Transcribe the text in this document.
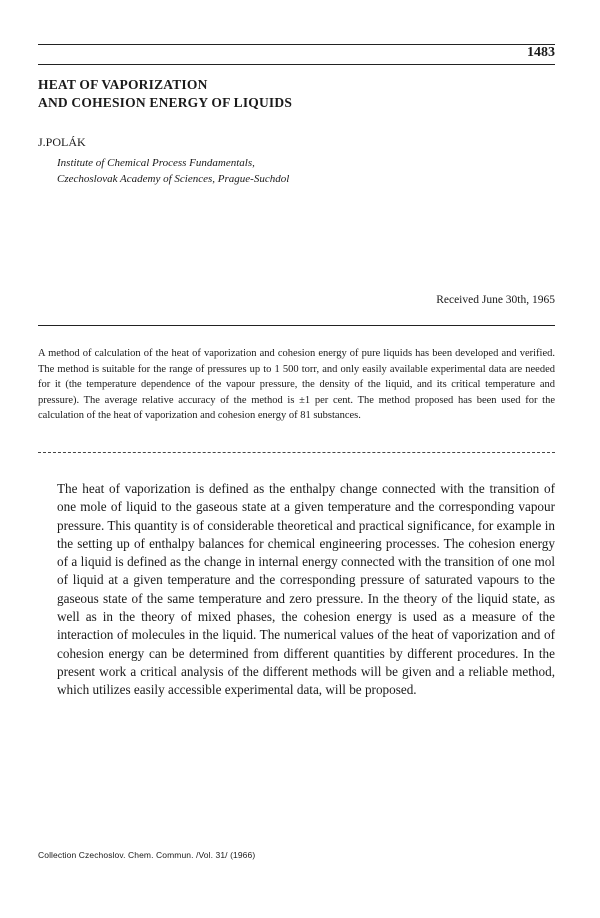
1483
HEAT OF VAPORIZATION
AND COHESION ENERGY OF LIQUIDS
J.POLÁK
Institute of Chemical Process Fundamentals,
Czechoslovak Academy of Sciences, Prague-Suchdol
Received June 30th, 1965
A method of calculation of the heat of vaporization and cohesion energy of pure liquids has been developed and verified. The method is suitable for the range of pressures up to 1 500 torr, and only easily available experimental data are needed for it (the temperature dependence of the vapour pressure, the density of the liquid, and its critical temperature and pressure). The average relative accuracy of the method is ±1 per cent. The method proposed has been used for the calculation of the heat of vaporization and cohesion energy of 81 substances.
The heat of vaporization is defined as the enthalpy change connected with the transition of one mole of liquid to the gaseous state at a given temperature and the corresponding vapour pressure. This quantity is of considerable theoretical and practical significance, for example in the setting up of enthalpy balances for chemical engineering processes. The cohesion energy of a liquid is defined as the change in internal energy connected with the transition of one mol of liquid at a given temperature and the corresponding pressure of saturated vapours to the gaseous state of the same temperature and zero pressure. In the theory of the liquid state, as well as in the theory of mixed phases, the cohesion energy is used as a measure of the interaction of molecules in the liquid. The numerical values of the heat of vaporization and of cohesion energy can be determined from different quantities by different procedures. In the present work a critical analysis of the different methods will be given and a reliable method, which utilizes easily accessible experimental data, will be proposed.
Collection Czechoslov. Chem. Commun. /Vol. 31/ (1966)
